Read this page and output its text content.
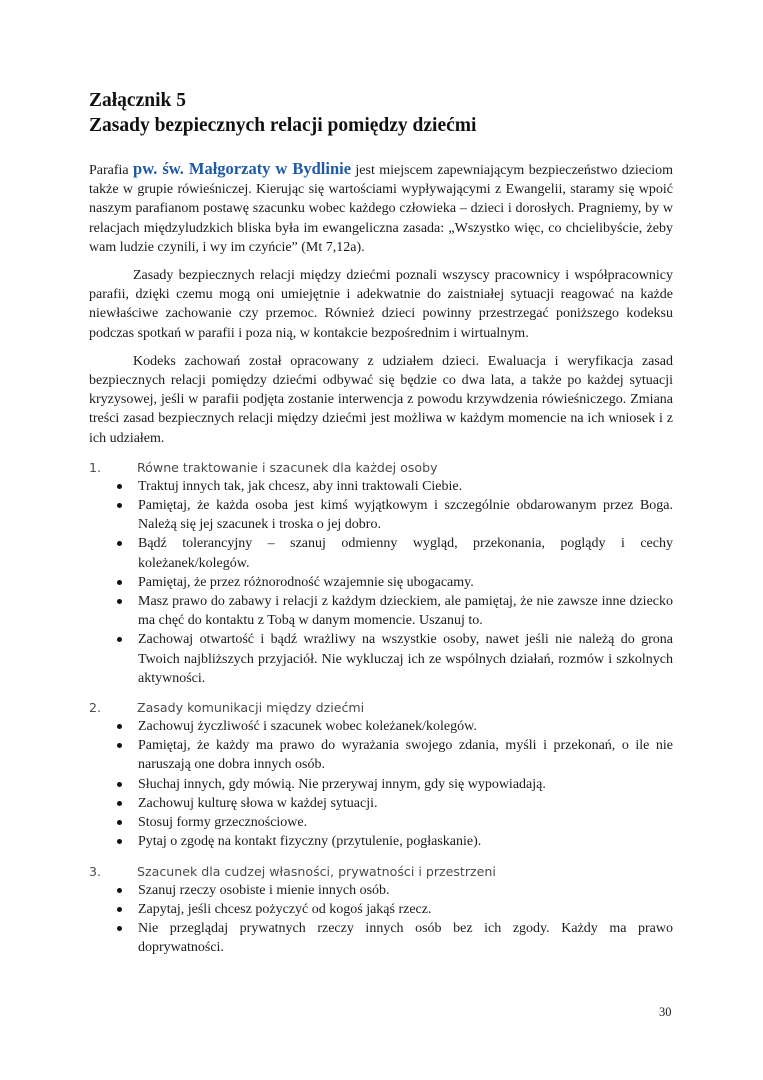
Załącznik 5
Zasady bezpiecznych relacji pomiędzy dziećmi

Parafia pw. św. Małgorzaty w Bydlinie jest miejscem zapewniającym bezpieczeństwo dzieciom także w grupie rówieśniczej. Kierując się wartościami wypływającymi z Ewangelii, staramy się wpoić naszym parafianom postawę szacunku wobec każdego człowieka – dzieci i dorosłych. Pragniemy, by w relacjach międzyludzkich bliska była im ewangeliczna zasada: „Wszystko więc, co chcielibyście, żeby wam ludzie czynili, i wy im czyńcie” (Mt 7,12a).

Zasady bezpiecznych relacji między dziećmi poznali wszyscy pracownicy i współpracownicy parafii, dzięki czemu mogą oni umiejętnie i adekwatnie do zaistniałej sytuacji reagować na każde niewłaściwe zachowanie czy przemoc. Również dzieci powinny przestrzegać poniższego kodeksu podczas spotkań w parafii i poza nią, w kontakcie bezpośrednim i wirtualnym.

Kodeks zachowań został opracowany z udziałem dzieci. Ewaluacja i weryfikacja zasad bezpiecznych relacji pomiędzy dziećmi odbywać się będzie co dwa lata, a także po każdej sytuacji kryzysowej, jeśli w parafii podjęta zostanie interwencja z powodu krzywdzenia rówieśniczego. Zmiana treści zasad bezpiecznych relacji między dziećmi jest możliwa w każdym momencie na ich wniosek i z ich udziałem.

1.	Równe traktowanie i szacunek dla każdej osoby
Traktuj innych tak, jak chcesz, aby inni traktowali Ciebie.
Pamiętaj, że każda osoba jest kimś wyjątkowym i szczególnie obdarowanym przez Boga. Należą się jej szacunek i troska o jej dobro.
Bądź tolerancyjny – szanuj odmienny wygląd, przekonania, poglądy i cechy koleżanek/kolegów.
Pamiętaj, że przez różnorodność wzajemnie się ubogacamy.
Masz prawo do zabawy i relacji z każdym dzieckiem, ale pamiętaj, że nie zawsze inne dziecko ma chęć do kontaktu z Tobą w danym momencie. Uszanuj to.
Zachowaj otwartość i bądź wrażliwy na wszystkie osoby, nawet jeśli nie należą do grona Twoich najbliższych przyjaciół. Nie wykluczaj ich ze wspólnych działań, rozmów i szkolnych aktywności.
2.	Zasady komunikacji między dziećmi
Zachowuj życzliwość i szacunek wobec koleżanek/kolegów.
Pamiętaj, że każdy ma prawo do wyrażania swojego zdania, myśli i przekonań, o ile nie naruszają one dobra innych osób.
Słuchaj innych, gdy mówią. Nie przerywaj innym, gdy się wypowiadają.
Zachowuj kulturę słowa w każdej sytuacji.
Stosuj formy grzecznościowe.
Pytaj o zgodę na kontakt fizyczny (przytulenie, pogłaskanie).
3.	Szacunek dla cudzej własności, prywatności i przestrzeni
Szanuj rzeczy osobiste i mienie innych osób.
Zapytaj, jeśli chcesz pożyczyć od kogoś jakąś rzecz.
Nie przeglądaj prywatnych rzeczy innych osób bez ich zgody. Każdy ma prawo doprywatności.
30
